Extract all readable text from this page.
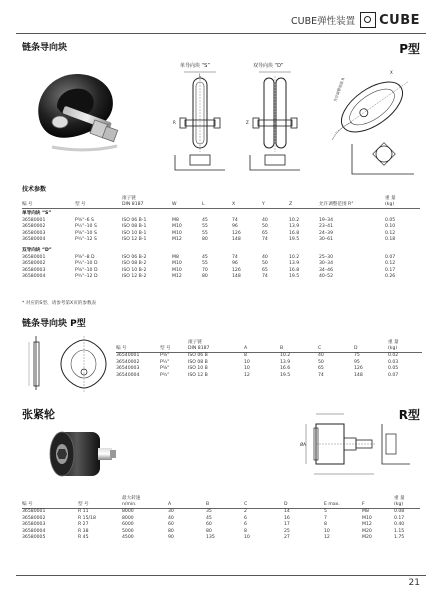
CUBE弹性装置 CUBE
链条导向块	P型
单导向块 “S”
L
R
双导向块 “D”
Z
X
允许调整范围 R
技术参数
编 号	型 号	滚子链
DIN 8187	W	L	X	Y	Z	允许调整范围 R°	重 量
(kg)
单导向块 “S”									
36580001	P⅜"–6 S	ISO 06 B-1	M8	45	74	40	10.2	19–34	0.05
36580002	P½"–10 S	ISO 08 B-1	M10	55	96	50	13.9	23–41	0.10
36580003	P⅝"–10 S	ISO 10 B-1	M10	55	126	65	16.8	24–39	0.12
36580004	P¾"–12 S	ISO 12 B-1	M12	80	148	74	19.5	30–61	0.18
双导向块 “D”									
36580001	P⅜"–8 D	ISO 06 B-2	M8	45	74	40	10.2	25–30	0.07
36580002	P½"–10 D	ISO 08 B-2	M10	55	96	50	13.9	30–34	0.12
36580003	P⅝"–10 D	ISO 10 B-2	M10	70	126	65	16.8	34–46	0.17
36580004	P¾"–12 D	ISO 12 B-2	M12	80	148	74	19.5	40–52	0.26
* 对应的S型、请参考第X页的参数表
链条导向块 P型
编 号	型 号	滚子链
DIN 8187	A	B	C	D	重 量
(kg)
36540001	P⅜"	ISO 06 B	8	10.2	40	75	0.02
36540002	P½"	ISO 08 B	10	13.9	50	95	0.03
36540003	P⅝"	ISO 10 B	10	16.6	65	126	0.05
36540004	P¾"	ISO 12 B	12	19.5	74	148	0.07
张紧轮	R型
ØA
编 号	型 号	最大转速
n/min.	A	B	C	D	E max.	F	重 量
(kg)
36580001	R 11	8000	30	35	2	14	5	M8	0.08
36580002	R 15/18	8000	40	45	6	16	7	M10	0.17
36580003	R 27	6000	60	60	6	17	8	M12	0.40
36580004	R 38	5000	80	80	8	25	10	M20	1.15
36580005	R 45	4500	90	135	10	27	12	M20	1.75
21
